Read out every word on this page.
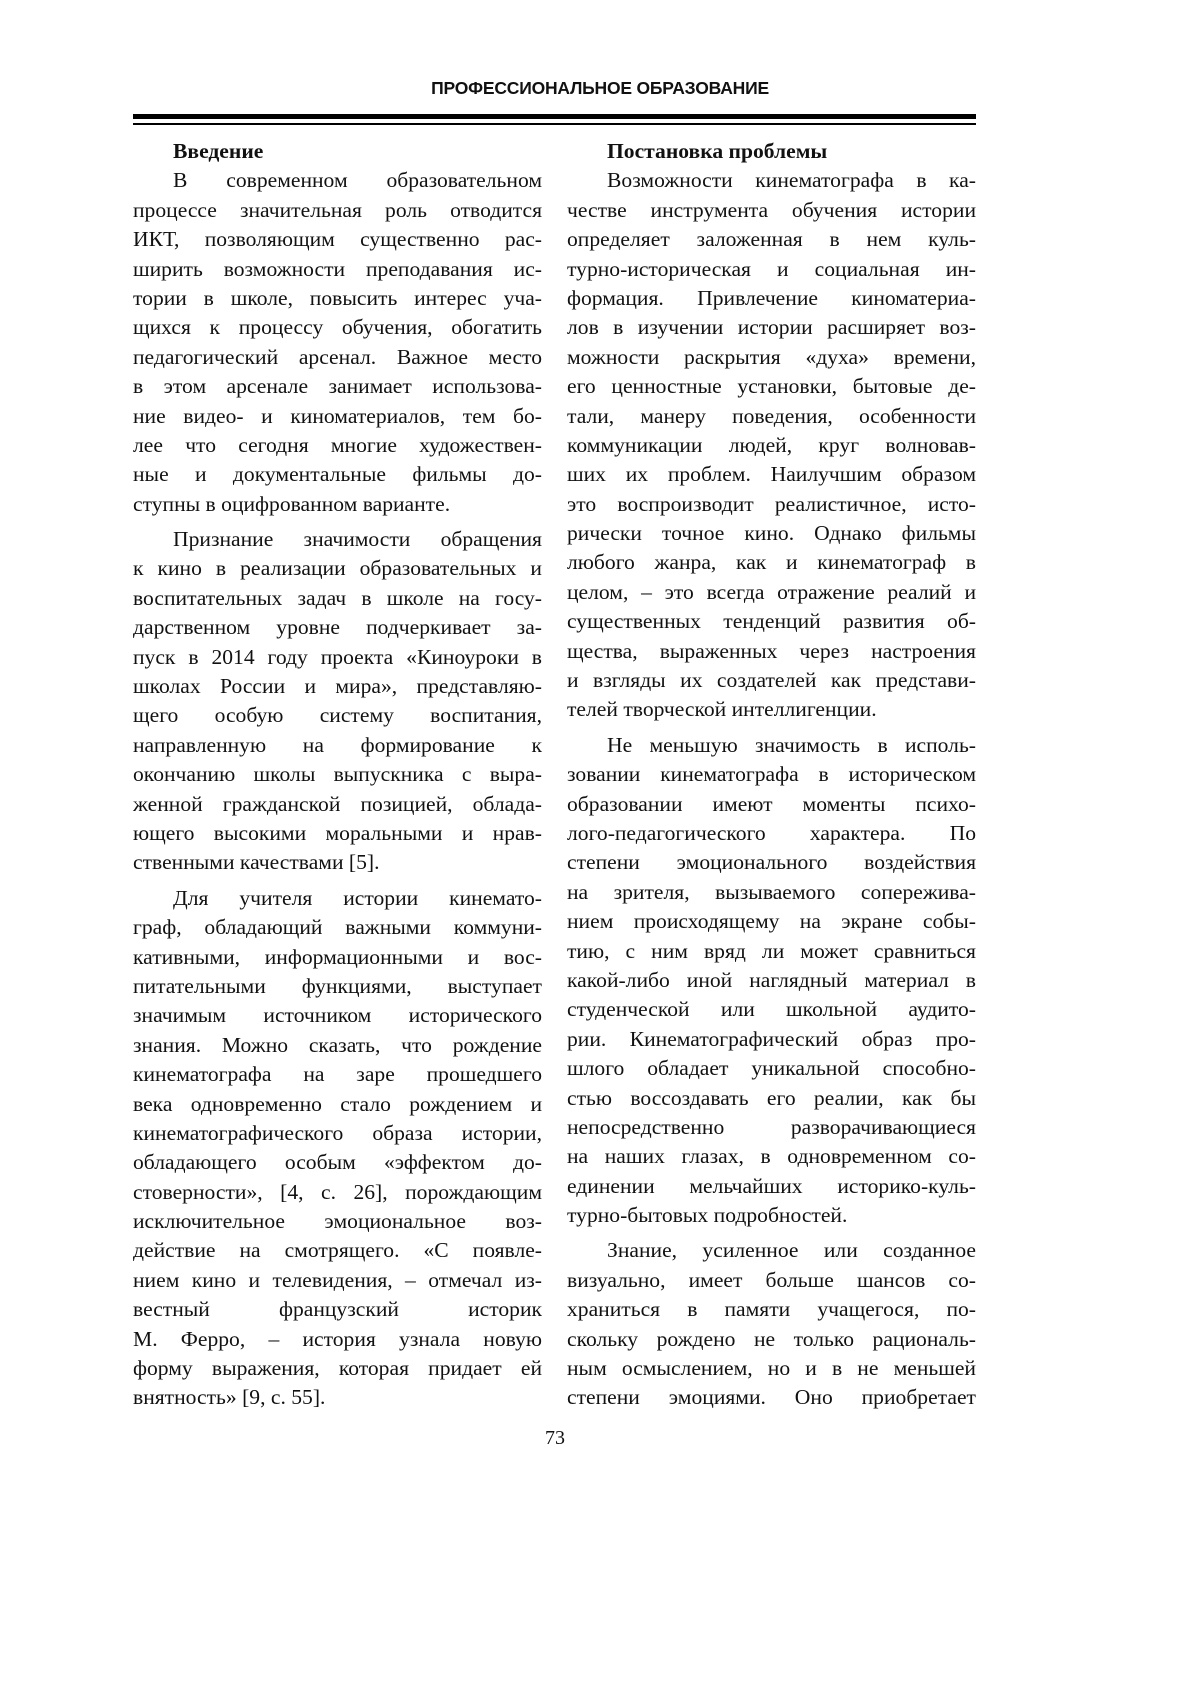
ПРОФЕССИОНАЛЬНОЕ ОБРАЗОВАНИЕ
Введение
В современном образовательном
процессе значительная роль отводится
ИКТ, позволяющим существенно рас-
ширить возможности преподавания ис-
тории в школе, повысить интерес уча-
щихся к процессу обучения, обогатить
педагогический арсенал. Важное место
в этом арсенале занимает использова-
ние видео- и киноматериалов, тем бо-
лее что сегодня многие художествен-
ные и документальные фильмы до-
ступны в оцифрованном варианте.
Признание значимости обращения
к кино в реализации образовательных и
воспитательных задач в школе на госу-
дарственном уровне подчеркивает за-
пуск в 2014 году проекта «Киноуроки в
школах России и мира», представляю-
щего особую систему воспитания,
направленную на формирование к
окончанию школы выпускника с выра-
женной гражданской позицией, облада-
ющего высокими моральными и нрав-
ственными качествами [5].
Для учителя истории кинемато-
граф, обладающий важными коммуни-
кативными, информационными и вос-
питательными функциями, выступает
значимым источником исторического
знания. Можно сказать, что рождение
кинематографа на заре прошедшего
века одновременно стало рождением и
кинематографического образа истории,
обладающего особым «эффектом до-
стоверности», [4, с. 26], порождающим
исключительное эмоциональное воз-
действие на смотрящего. «С появле-
нием кино и телевидения, – отмечал из-
вестный французский историк
М. Ферро, – история узнала новую
форму выражения, которая придает ей
внятность» [9, с. 55].
Постановка проблемы
Возможности кинематографа в ка-
честве инструмента обучения истории
определяет заложенная в нем куль-
турно-историческая и социальная ин-
формация. Привлечение киноматериа-
лов в изучении истории расширяет воз-
можности раскрытия «духа» времени,
его ценностные установки, бытовые де-
тали, манеру поведения, особенности
коммуникации людей, круг волновав-
ших их проблем. Наилучшим образом
это воспроизводит реалистичное, исто-
рически точное кино. Однако фильмы
любого жанра, как и кинематограф в
целом, – это всегда отражение реалий и
существенных тенденций развития об-
щества, выраженных через настроения
и взгляды их создателей как представи-
телей творческой интеллигенции.
Не меньшую значимость в исполь-
зовании кинематографа в историческом
образовании имеют моменты психо-
лого-педагогического характера. По
степени эмоционального воздействия
на зрителя, вызываемого сопережива-
нием происходящему на экране собы-
тию, с ним вряд ли может сравниться
какой-либо иной наглядный материал в
студенческой или школьной аудито-
рии. Кинематографический образ про-
шлого обладает уникальной способно-
стью воссоздавать его реалии, как бы
непосредственно разворачивающиеся
на наших глазах, в одновременном со-
единении мельчайших историко-куль-
турно-бытовых подробностей.
Знание, усиленное или созданное
визуально, имеет больше шансов со-
храниться в памяти учащегося, по-
скольку рождено не только рациональ-
ным осмыслением, но и в не меньшей
степени эмоциями. Оно приобретает
73
